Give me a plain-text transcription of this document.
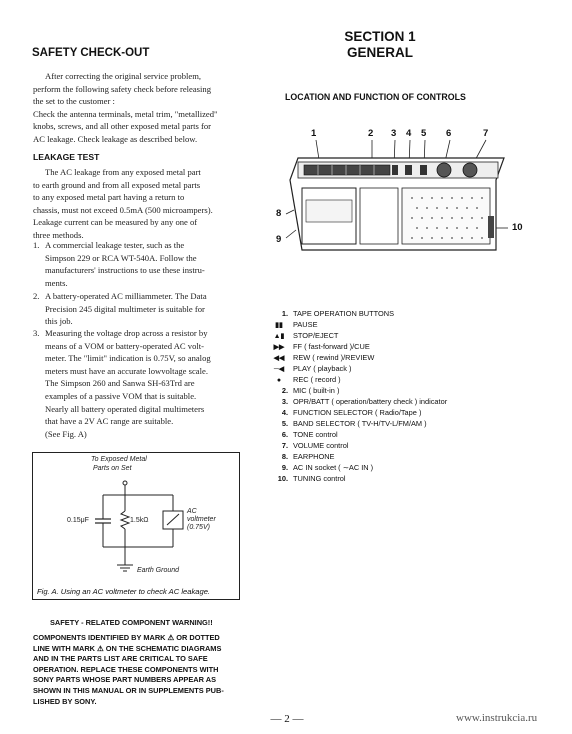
SECTION 1
GENERAL
SAFETY CHECK-OUT
After correcting the original service problem,
perform the following safety check before releasing
the set to the customer :
Check the antenna terminals, metal trim, "metallized"
knobs, screws, and all other exposed metal parts for
AC leakage. Check leakage as described below.
LEAKAGE TEST
The AC leakage from any exposed metal part
to earth ground and from all exposed metal parts
to any exposed metal part having a return to
chassis, must not exceed 0.5mA (500 microampers).
Leakage current can be measured by any one of
three methods.
1. A commercial leakage tester, such as the
Simpson 229 or RCA WT-540A. Follow the
manufacturers' instructions to use these instru-
ments.
2. A battery-operated AC milliammeter. The Data
Precision 245 digital multimeter is suitable for
this job.
3. Measuring the voltage drop across a resistor by
means of a VOM or battery-operated AC volt-
meter. The "limit" indication is 0.75V, so analog
meters must have an accurate lowvoltage scale.
The Simpson 260 and Sanwa SH-63Trd are
examples of a passive VOM that is suitable.
Nearly all battery operated digital multimeters
that have a 2V AC range are suitable.
(See Fig. A)
To Exposed Metal
Parts on Set
0.15μF	1.5kΩ
AC
voltmeter
(0.75V)
Earth Ground
Fig. A. Using an AC voltmeter to check AC leakage.
SAFETY - RELATED COMPONENT WARNING!!
COMPONENTS IDENTIFIED BY MARK ⚠ OR DOTTED
LINE WITH MARK ⚠ ON THE SCHEMATIC DIAGRAMS
AND IN THE PARTS LIST ARE CRITICAL TO SAFE
OPERATION. REPLACE THESE COMPONENTS WITH
SONY PARTS WHOSE PART NUMBERS APPEAR AS
SHOWN IN THIS MANUAL OR IN SUPPLEMENTS PUB-
LISHED BY SONY.
LOCATION AND FUNCTION OF CONTROLS
1	2 3 4 5 6	7
8
9
10
1. TAPE OPERATION BUTTONS
▮▮ PAUSE
▲▮ STOP/EJECT
▶▶ FF ( fast-forward )/CUE
◀◀ REW ( rewind )/REVIEW
─◀ PLAY ( playback )
● REC ( record )
2. MIC ( built-in )
3. OPR/BATT ( operation/battery check ) indicator
4. FUNCTION SELECTOR ( Radio/Tape )
5. BAND SELECTOR ( TV-H/TV-L/FM/AM )
6. TONE control
7. VOLUME control
8. EARPHONE
9. AC IN socket ( ∼AC IN )
10. TUNING control
— 2 —	www.instrukcia.ru
